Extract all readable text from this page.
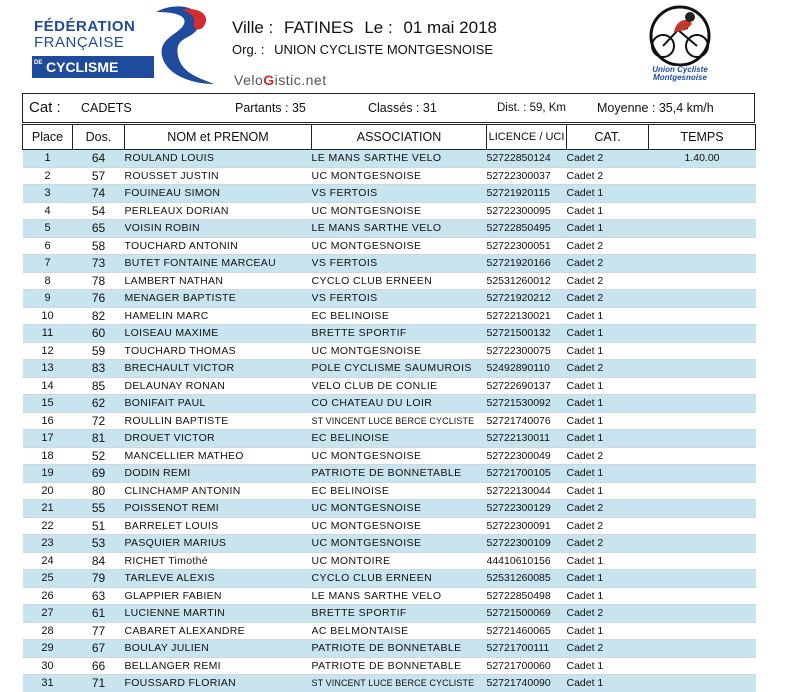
FÉDÉRATION
FRANÇAISE
DE CYCLISME
Ville : FATINES Le : 01 mai 2018
Org. : UNION CYCLISTE MONTGESNOISE
VeloGistic.net
Union Cycliste
Montgesnoise
Cat : CADETS	Partants : 35	Classés : 31	Dist. : 59, Km Moyenne : 35,4 km/h
Place	Dos.	NOM et PRENOM	ASSOCIATION	LICENCE / UCI	CAT.	TEMPS
1	64	ROULAND LOUIS	LE MANS SARTHE VELO	52722850124	Cadet 2	1.40.00
2	57	ROUSSET JUSTIN	UC MONTGESNOISE	52722300037	Cadet 2	
3	74	FOUINEAU SIMON	VS FERTOIS	52721920115	Cadet 1	
4	54	PERLEAUX DORIAN	UC MONTGESNOISE	52722300095	Cadet 1	
5	65	VOISIN ROBIN	LE MANS SARTHE VELO	52722850495	Cadet 1	
6	58	TOUCHARD ANTONIN	UC MONTGESNOISE	52722300051	Cadet 2	
7	73	BUTET FONTAINE MARCEAU	VS FERTOIS	52721920166	Cadet 2	
8	78	LAMBERT NATHAN	CYCLO CLUB ERNEEN	52531260012	Cadet 2	
9	76	MENAGER BAPTISTE	VS FERTOIS	52721920212	Cadet 2	
10	82	HAMELIN MARC	EC BELINOISE	52722130021	Cadet 1	
11	60	LOISEAU MAXIME	BRETTE SPORTIF	52721500132	Cadet 1	
12	59	TOUCHARD THOMAS	UC MONTGESNOISE	52722300075	Cadet 1	
13	83	BRECHAULT VICTOR	POLE CYCLISME SAUMUROIS	52492890110	Cadet 2	
14	85	DELAUNAY RONAN	VELO CLUB DE CONLIE	52722690137	Cadet 1	
15	62	BONIFAIT PAUL	CO CHATEAU DU LOIR	52721530092	Cadet 1	
16	72	ROULLIN BAPTISTE	ST VINCENT LUCE BERCE CYCLISTE	52721740076	Cadet 1	
17	81	DROUET VICTOR	EC BELINOISE	52722130011	Cadet 1	
18	52	MANCELLIER MATHEO	UC MONTGESNOISE	52722300049	Cadet 2	
19	69	DODIN REMI	PATRIOTE DE BONNETABLE	52721700105	Cadet 1	
20	80	CLINCHAMP ANTONIN	EC BELINOISE	52722130044	Cadet 1	
21	55	POISSENOT REMI	UC MONTGESNOISE	52722300129	Cadet 2	
22	51	BARRELET LOUIS	UC MONTGESNOISE	52722300091	Cadet 2	
23	53	PASQUIER MARIUS	UC MONTGESNOISE	52722300109	Cadet 2	
24	84	RICHET Timothé	UC MONTOIRE	44410610156	Cadet 1	
25	79	TARLEVE ALEXIS	CYCLO CLUB ERNEEN	52531260085	Cadet 1	
26	63	GLAPPIER FABIEN	LE MANS SARTHE VELO	52722850498	Cadet 1	
27	61	LUCIENNE MARTIN	BRETTE SPORTIF	52721500069	Cadet 2	
28	77	CABARET ALEXANDRE	AC BELMONTAISE	52721460065	Cadet 1	
29	67	BOULAY JULIEN	PATRIOTE DE BONNETABLE	52721700111	Cadet 2	
30	66	BELLANGER REMI	PATRIOTE DE BONNETABLE	52721700060	Cadet 1	
31	71	FOUSSARD FLORIAN	ST VINCENT LUCE BERCE CYCLISTE	52721740090	Cadet 1	
